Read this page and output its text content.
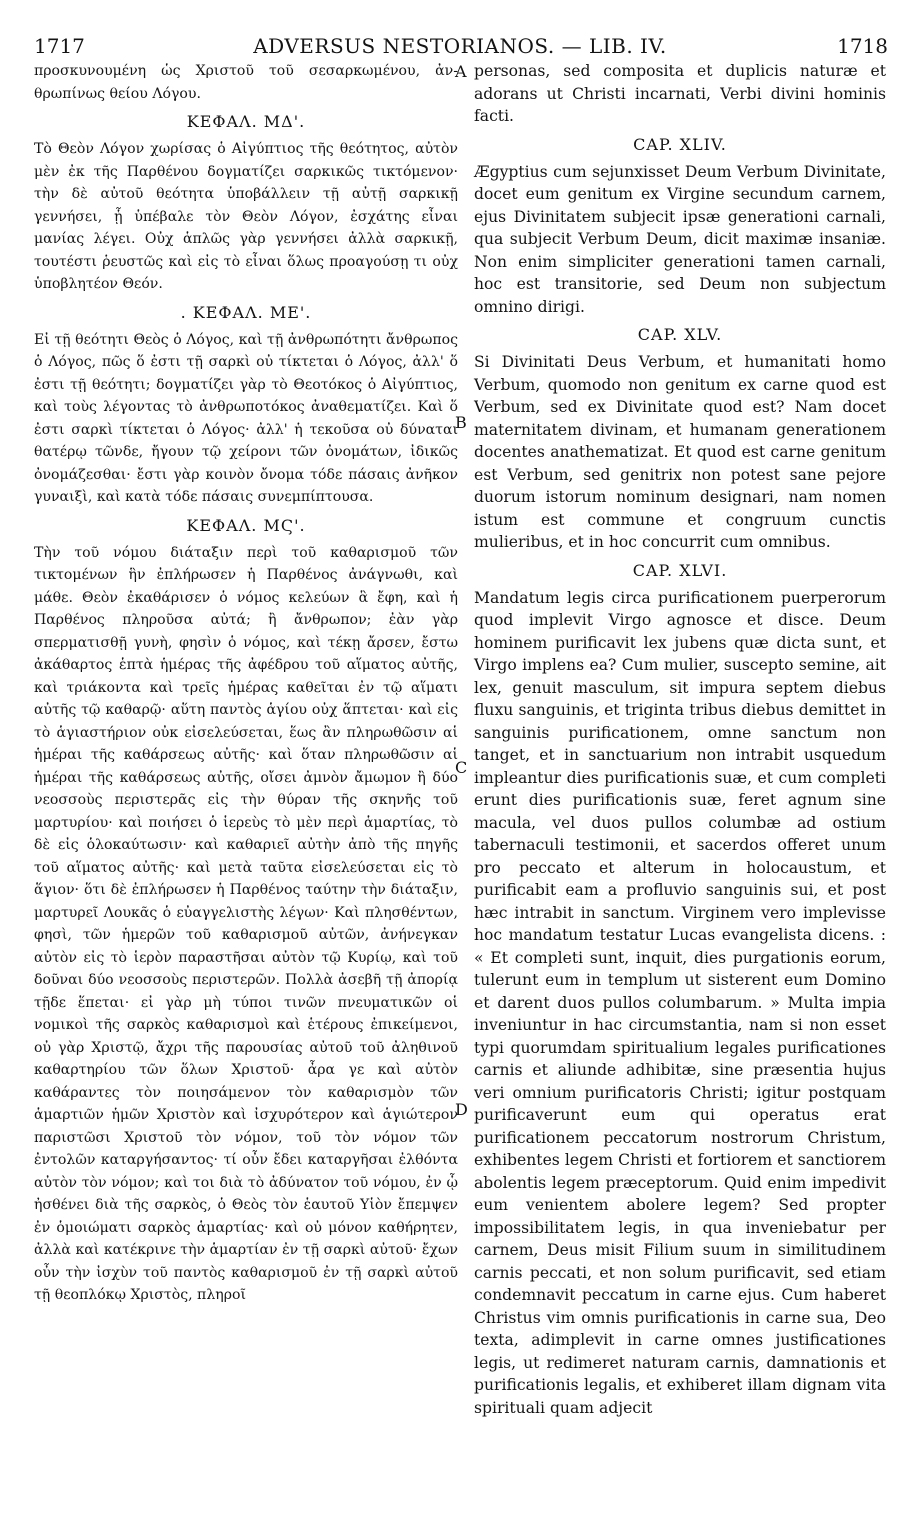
1717	ADVERSUS NESTORIANOS. — LIB. IV.	1718

προσκυνουμένη ὡς Χριστοῦ τοῦ σεσαρκωμένου, ἀν-θρωπίνως θείου Λόγου.

ΚΕΦΑΛ. ΜΔ'.

Τὸ Θεὸν Λόγον χωρίσας ὁ Αἰγύπτιος τῆς θεότητος, αὐτὸν μὲν ἐκ τῆς Παρθένου δογματίζει σαρκικῶς τικτόμενον· τὴν δὲ αὐτοῦ θεότητα ὑποβάλλειν τῇ αὐτῇ σαρκικῇ γεννήσει, ᾗ ὑπέβαλε τὸν Θεὸν Λόγον, ἐσχάτης εἶναι μανίας λέγει. Οὐχ ἁπλῶς γὰρ γεννήσει ἀλλὰ σαρκικῇ, τουτέστι ῥευστῶς καὶ εἰς τὸ εἶναι ὅλως προαγούσῃ τι οὐχ ὑποβλητέον Θεόν.

. ΚΕΦΑΛ. ΜΕ'.

Εἰ τῇ θεότητι Θεὸς ὁ Λόγος, καὶ τῇ ἀνθρωπότητι ἄνθρωπος ὁ Λόγος, πῶς ὅ ἐστι τῇ σαρκὶ οὐ τίκτεται ὁ Λόγος, ἀλλ' ὅ ἐστι τῇ θεότητι; δογματίζει γὰρ τὸ Θεοτόκος ὁ Αἰγύπτιος, καὶ τοὺς λέγοντας τὸ ἀνθρωποτόκος ἀναθεματίζει. Καὶ ὅ ἐστι σαρκὶ τίκτεται ὁ Λόγος· ἀλλ' ἡ τεκοῦσα οὐ δύναται θατέρῳ τῶνδε, ἤγουν τῷ χείρονι τῶν ὀνομάτων, ἰδικῶς ὀνομάζεσθαι· ἔστι γὰρ κοινὸν ὄνομα τόδε πάσαις ἀνῆκον γυναιξὶ, καὶ κατὰ τόδε πάσαις συνεμπίπτουσα.

ΚΕΦΑΛ. ΜϚ'.

Τὴν τοῦ νόμου διάταξιν περὶ τοῦ καθαρισμοῦ τῶν τικτομένων ἣν ἐπλήρωσεν ἡ Παρθένος ἀνάγνωθι, καὶ μάθε. Θεὸν ἐκαθάρισεν ὁ νόμος κελεύων ἃ ἔφη, καὶ ἡ Παρθένος πληροῦσα αὐτά; ἢ ἄνθρωπον; ἐὰν γὰρ σπερματισθῇ γυνὴ, φησὶν ὁ νόμος, καὶ τέκῃ ἄρσεν, ἔστω ἀκάθαρτος ἑπτὰ ἡμέρας τῆς ἀφέδρου τοῦ αἵματος αὐτῆς, καὶ τριάκοντα καὶ τρεῖς ἡμέρας καθεῖται ἐν τῷ αἵματι αὐτῆς τῷ καθαρῷ· αὕτη παντὸς ἁγίου οὐχ ἅπτεται· καὶ εἰς τὸ ἁγιαστήριον οὐκ εἰσελεύσεται, ἕως ἂν πληρωθῶσιν αἱ ἡμέραι τῆς καθάρσεως αὐτῆς· καὶ ὅταν πληρωθῶσιν αἱ ἡμέραι τῆς καθάρσεως αὐτῆς, οἴσει ἀμνὸν ἄμωμον ἢ δύο νεοσσοὺς περιστερᾶς εἰς τὴν θύραν τῆς σκηνῆς τοῦ μαρτυρίου· καὶ ποιήσει ὁ ἱερεὺς τὸ μὲν περὶ ἁμαρτίας, τὸ δὲ εἰς ὁλοκαύτωσιν· καὶ καθαριεῖ αὐτὴν ἀπὸ τῆς πηγῆς τοῦ αἵματος αὐτῆς· καὶ μετὰ ταῦτα εἰσελεύσεται εἰς τὸ ἅγιον· ὅτι δὲ ἐπλήρωσεν ἡ Παρθένος ταύτην τὴν διάταξιν, μαρτυρεῖ Λουκᾶς ὁ εὐαγγελιστὴς λέγων· Καὶ πλησθέντων, φησὶ, τῶν ἡμερῶν τοῦ καθαρισμοῦ αὐτῶν, ἀνήνεγκαν αὐτὸν εἰς τὸ ἱερὸν παραστῆσαι αὐτὸν τῷ Κυρίῳ, καὶ τοῦ δοῦναι δύο νεοσσοὺς περιστερῶν. Πολλὰ ἀσεβῆ τῇ ἀπορίᾳ τῇδε ἕπεται· εἰ γὰρ μὴ τύποι τινῶν πνευματικῶν οἱ νομικοὶ τῆς σαρκὸς καθαρισμοὶ καὶ ἑτέρους ἐπικείμενοι, οὐ γὰρ Χριστῷ, ἄχρι τῆς παρουσίας αὐτοῦ τοῦ ἀληθινοῦ καθαρτηρίου τῶν ὅλων Χριστοῦ· ἆρα γε καὶ αὐτὸν καθάραντες τὸν ποιησάμενον τὸν καθαρισμὸν τῶν ἁμαρτιῶν ἡμῶν Χριστὸν καὶ ἰσχυρότερον καὶ ἁγιώτερον παριστῶσι Χριστοῦ τὸν νόμον, τοῦ τὸν νόμον τῶν ἐντολῶν καταργήσαντος· τί οὖν ἔδει καταργῆσαι ἐλθόντα αὐτὸν τὸν νόμον; καὶ τοι διὰ τὸ ἀδύνατον τοῦ νόμου, ἐν ᾧ ἠσθένει διὰ τῆς σαρκὸς, ὁ Θεὸς τὸν ἑαυτοῦ Υἱὸν ἔπεμψεν ἐν ὁμοιώματι σαρκὸς ἁμαρτίας· καὶ οὐ μόνον καθήρητεν, ἀλλὰ καὶ κατέκρινε τὴν ἁμαρτίαν ἐν τῇ σαρκὶ αὐτοῦ· ἔχων οὖν τὴν ἰσχὺν τοῦ παντὸς καθαρισμοῦ ἐν τῇ σαρκὶ αὐτοῦ τῇ θεοπλόκῳ Χριστὸς, πληροῖ

A
B
C
D

personas, sed composita et duplicis naturæ et adorans ut Christi incarnati, Verbi divini hominis facti.

CAP. XLIV.

Ægyptius cum sejunxisset Deum Verbum Divinitate, docet eum genitum ex Virgine secundum carnem, ejus Divinitatem subjecit ipsæ generationi carnali, qua subjecit Verbum Deum, dicit maximæ insaniæ. Non enim simpliciter generationi tamen carnali, hoc est transitorie, sed Deum non subjectum omnino dirigi.

CAP. XLV.

Si Divinitati Deus Verbum, et humanitati homo Verbum, quomodo non genitum ex carne quod est Verbum, sed ex Divinitate quod est? Nam docet maternitatem divinam, et humanam generationem docentes anathematizat. Et quod est carne genitum est Verbum, sed genitrix non potest sane pejore duorum istorum nominum designari, nam nomen istum est commune et congruum cunctis mulieribus, et in hoc concurrit cum omnibus.

CAP. XLVI.

Mandatum legis circa purificationem puerperorum quod implevit Virgo agnosce et disce. Deum hominem purificavit lex jubens quæ dicta sunt, et Virgo implens ea? Cum mulier, suscepto semine, ait lex, genuit masculum, sit impura septem diebus fluxu sanguinis, et triginta tribus diebus demittet in sanguinis purificationem, omne sanctum non tanget, et in sanctuarium non intrabit usquedum impleantur dies purificationis suæ, et cum completi erunt dies purificationis suæ, feret agnum sine macula, vel duos pullos columbæ ad ostium tabernaculi testimonii, et sacerdos offeret unum pro peccato et alterum in holocaustum, et purificabit eam a profluvio sanguinis sui, et post hæc intrabit in sanctum. Virginem vero implevisse hoc mandatum testatur Lucas evangelista dicens. : « Et completi sunt, inquit, dies purgationis eorum, tulerunt eum in templum ut sisterent eum Domino et darent duos pullos columbarum. » Multa impia inveniuntur in hac circumstantia, nam si non esset typi quorumdam spiritualium legales purificationes carnis et aliunde adhibitæ, sine præsentia hujus veri omnium purificatoris Christi; igitur postquam purificaverunt eum qui operatus erat purificationem peccatorum nostrorum Christum, exhibentes legem Christi et fortiorem et sanctiorem abolentis legem præceptorum. Quid enim impedivit eum venientem abolere legem? Sed propter impossibilitatem legis, in qua inveniebatur per carnem, Deus misit Filium suum in similitudinem carnis peccati, et non solum purificavit, sed etiam condemnavit peccatum in carne ejus. Cum haberet Christus vim omnis purificationis in carne sua, Deo texta, adimplevit in carne omnes justificationes legis, ut redimeret naturam carnis, damnationis et purificationis legalis, et exhiberet illam dignam vita spirituali quam adjecit
